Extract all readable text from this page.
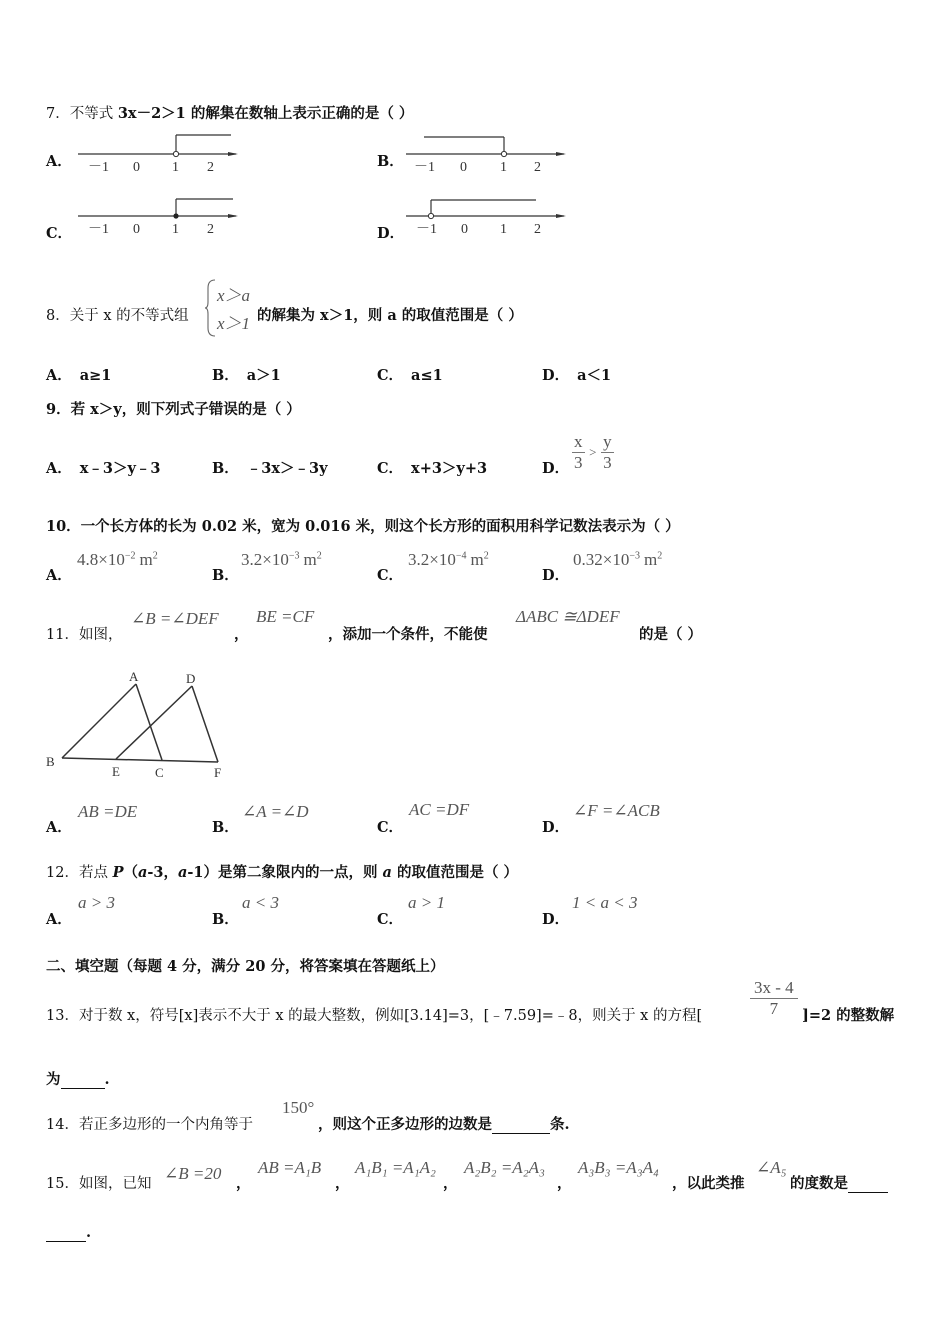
7．不等式 3x－2＞1 的解集在数轴上表示正确的是（ ）
A．	B．
C．	D．
－1 0 1 2	－1 0 1 2
－1 0 1 2	－1 0 1 2
8．关于 x 的不等式组
x＞a
x＞1 的解集为 x＞1，则 a 的取值范围是（ ）
A． a≥1	B． a＞1	C． a≤1	D． a＜1
9．若 x＞y，则下列式子错误的是（ ）
A． x﹣3＞y﹣3	B． ﹣3x＞﹣3y	C． x+3＞y+3	D． $\frac{x}{3} > \frac{y}{3}$
10．一个长方体的长为 0.02 米，宽为 0.016 米，则这个长方形的面积用科学记数法表示为（ ）
A．
$4.8\times 10^{-2}$ $m^2$
B．
$3.2\times 10^{-3}$ $m^2$
C．
$3.2\times 10^{-4}$ $m^2$
D．
$0.32\times 10^{-3}$ $m^2$
11．如图，
∠B =∠DEF
，
BE =CF
，添加一个条件，不能使
ΔABC ≅ΔDEF
的是（ ）
A	D
B
E	C	F
A．
AB =DE
B．
∠A =∠D
C．
AC =DF
D．
∠F =∠ACB
12．若点 P（a-3，a-1）是第二象限内的一点，则 a 的取值范围是（ ）
A．
a > 3
B．
a < 3
C．
a > 1
D．
1 < a < 3
二、填空题（每题 4 分，满分 20 分，将答案填在答题纸上）
13．对于数 x，符号[x]表示不大于 x 的最大整数，例如[3.14]=3，[﹣7.59]=﹣8，则关于 x 的方程[	$\frac{3x - 4}{7} ]=2$ 的整数解
为	.
14．若正多边形的一个内角等于
150°
，则这个正多边形的边数是	条.
15．如图，已知
∠B =20
，
AB =A₁B
，
A₁B₁ =A₁A₂
，
A₂B₂ =A₂A₃
，
A₃B₃ =A₃A₄
，以此类推
∠A₅
的度数是
.
